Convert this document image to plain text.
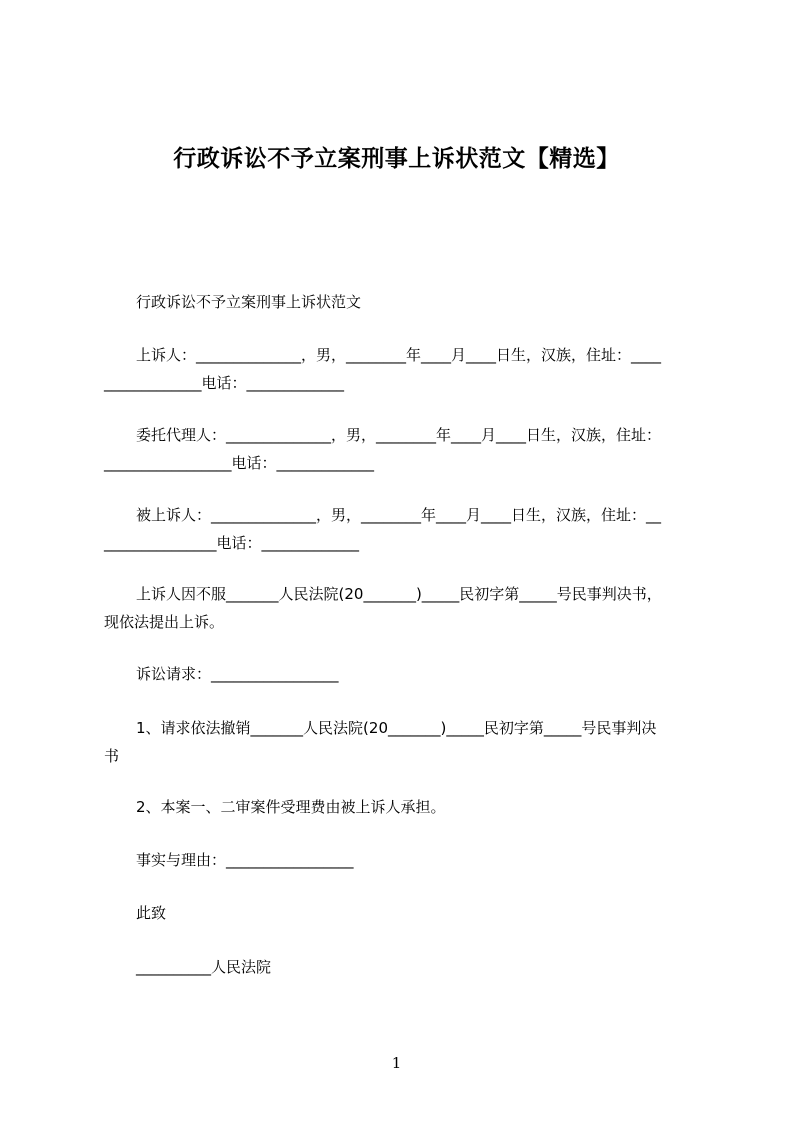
行政诉讼不予立案刑事上诉状范文【精选】
行政诉讼不予立案刑事上诉状范文
上诉人：______________，男，________年____月____日生，汉族，住址：____
_____________电话：_____________
委托代理人：______________，男，________年____月____日生，汉族，住址：
_________________电话：_____________
被上诉人：______________，男，________年____月____日生，汉族，住址：__
_______________电话：_____________
上诉人因不服_______人民法院(20_______)_____民初字第_____号民事判决书，
现依法提出上诉。
诉讼请求：_________________
1、请求依法撤销_______人民法院(20_______)_____民初字第_____号民事判决
书
2、本案一、二审案件受理费由被上诉人承担。
事实与理由：_________________
此致
__________人民法院
1
